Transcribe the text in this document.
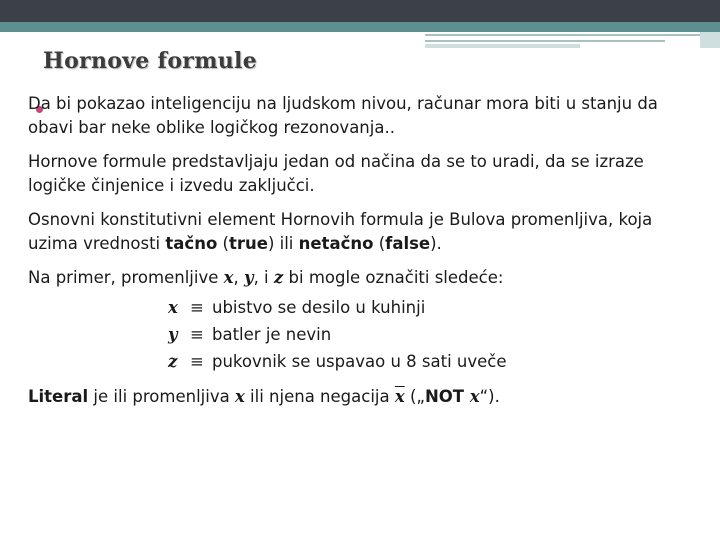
Hornove formule

Da bi pokazao inteligenciju na ljudskom nivou, računar mora biti u stanju da obavi bar neke oblike logičkog rezonovanja..

Hornove formule predstavljaju jedan od načina da se to uradi, da se izraze logičke činjenice i izvedu zaključci.

Osnovni konstitutivni element Hornovih formula je Bulova promenljiva, koja uzima vrednosti tačno (true) ili netačno (false).

Na primer, promenljive x, y, i z bi mogle označiti sledeće:

x ≡ ubistvo se desilo u kuhinji
y ≡ batler je nevin
z ≡ pukovnik se uspavao u 8 sati uveče

Literal je ili promenljiva x ili njena negacija $\overline{x}$ („NOT x“).
